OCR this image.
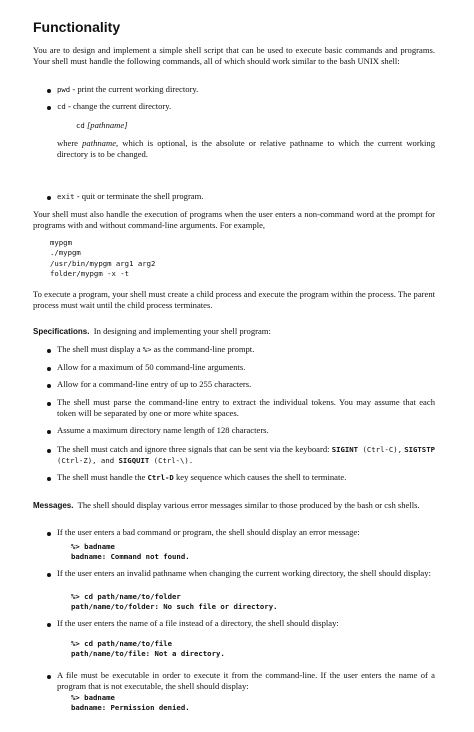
Functionality
You are to design and implement a simple shell script that can be used to execute basic commands and programs. Your shell must handle the following commands, all of which should work similar to the bash UNIX shell:
pwd - print the current working directory.
cd - change the current directory.
cd [pathname]
where pathname, which is optional, is the absolute or relative pathname to which the current working directory is to be changed.
exit - quit or terminate the shell program.
Your shell must also handle the execution of programs when the user enters a non-command word at the prompt for programs with and without command-line arguments. For example,
mypgm
./mypgm
/usr/bin/mypgm arg1 arg2
folder/mypgm -x -t
To execute a program, your shell must create a child process and execute the program within the process. The parent process must wait until the child process terminates.
Specifications. In designing and implementing your shell program:
The shell must display a %> as the command-line prompt.
Allow for a maximum of 50 command-line arguments.
Allow for a command-line entry of up to 255 characters.
The shell must parse the command-line entry to extract the individual tokens. You may assume that each token will be separated by one or more white spaces.
Assume a maximum directory name length of 128 characters.
The shell must catch and ignore three signals that can be sent via the keyboard: SIGINT (Ctrl-C), SIGTSTP (Ctrl-Z), and SIGQUIT (Ctrl-\).
The shell must handle the Ctrl-D key sequence which causes the shell to terminate.
Messages. The shell should display various error messages similar to those produced by the bash or csh shells.
If the user enters a bad command or program, the shell should display an error message:
%> badname
badname: Command not found.
If the user enters an invalid pathname when changing the current working directory, the shell should display:
%> cd path/name/to/folder
path/name/to/folder: No such file or directory.
If the user enters the name of a file instead of a directory, the shell should display:
%> cd path/name/to/file
path/name/to/file: Not a directory.
A file must be executable in order to execute it from the command-line. If the user enters the name of a program that is not executable, the shell should display:
%> badname
badname: Permission denied.
